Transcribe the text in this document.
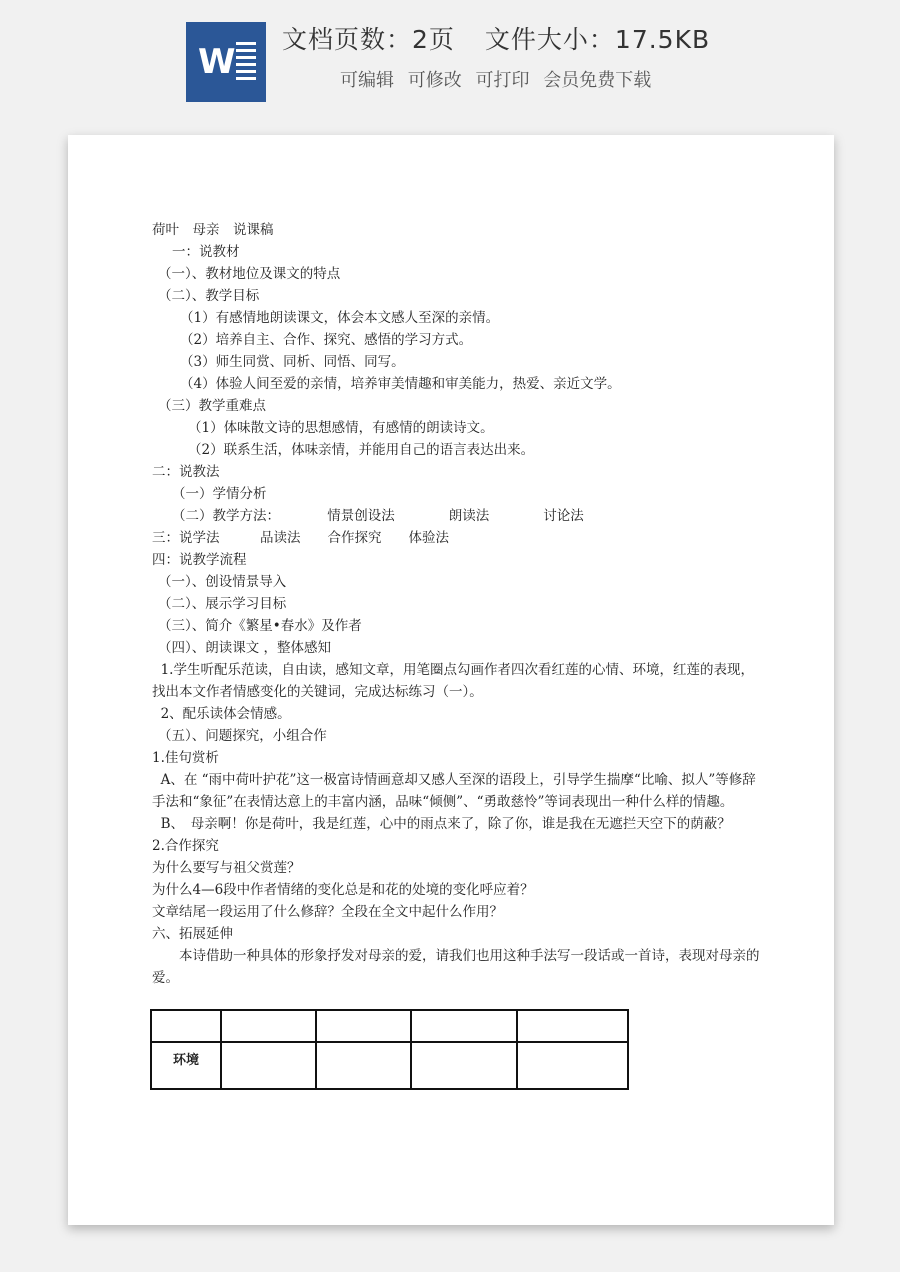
W
文档页数：2页 文件大小：17.5KB
可编辑 可修改 可打印 会员免费下载

荷叶　母亲　说课稿

一：说教材

（一）、教材地位及课文的特点

（二）、教学目标

（1）有感情地朗读课文，体会本文感人至深的亲情。

（2）培养自主、合作、探究、感悟的学习方式。

（3）师生同赏、同析、同悟、同写。

（4）体验人间至爱的亲情，培养审美情趣和审美能力，热爱、亲近文学。

（三）教学重难点

（1）体味散文诗的思想感情，有感情的朗读诗文。

（2）联系生活，体味亲情，并能用自己的语言表达出来。

二：说教法

（一）学情分析

（二）教学方法：　　　　情景创设法　　　　朗读法　　　　讨论法

三：说学法　　　品读法　　合作探究　　体验法

四：说教学流程

（一）、创设情景导入

（二）、展示学习目标

（三）、简介《繁星•春水》及作者

（四）、朗读课文 ，整体感知

1.学生听配乐范读，自由读，感知文章，用笔圈点勾画作者四次看红莲的心情、环境，红莲的表现，找出本文作者情感变化的关键词，完成达标练习（一）。

2、配乐读体会情感。

（五）、问题探究，小组合作

1.佳句赏析

A、在 “雨中荷叶护花”这一极富诗情画意却又感人至深的语段上，引导学生揣摩“比喻、拟人”等修辞手法和“象征”在表情达意上的丰富内涵，品味“倾侧”、“勇敢慈怜”等词表现出一种什么样的情趣。

B、　母亲啊！你是荷叶，我是红莲，心中的雨点来了，除了你，谁是我在无遮拦天空下的荫蔽？

2.合作探究

为什么要写与祖父赏莲？

为什么4—6段中作者情绪的变化总是和花的处境的变化呼应着？

文章结尾一段运用了什么修辞？全段在全文中起什么作用？

六、拓展延伸

　　本诗借助一种具体的形象抒发对母亲的爱，请我们也用这种手法写一段话或一首诗，表现对母亲的爱。

环境				
